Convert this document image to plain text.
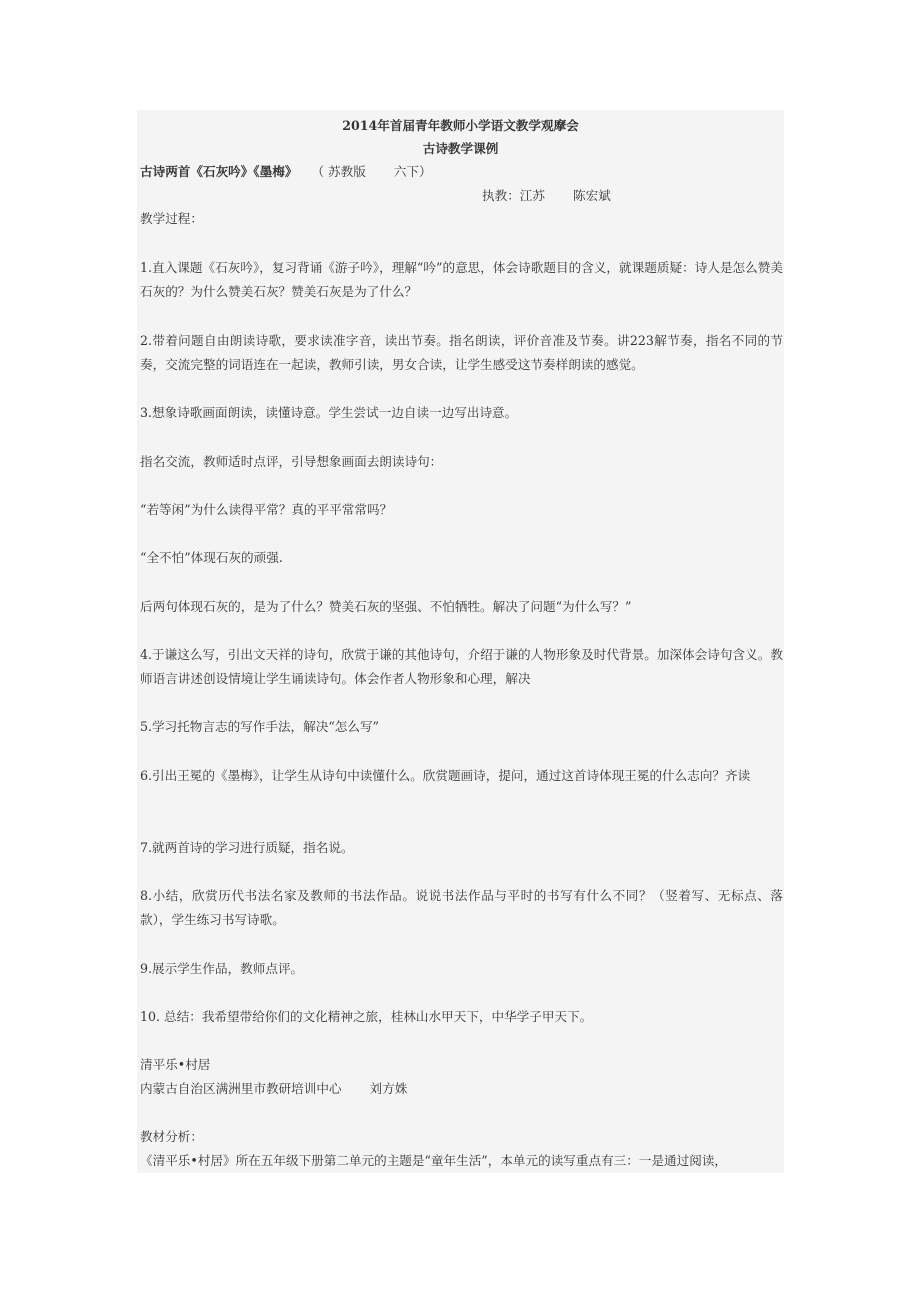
2014年首届青年教师小学语文教学观摩会
古诗教学课例
古诗两首《石灰吟》《墨梅》 （ 苏教版 六下）
执教：江苏 陈宏斌
教学过程：
1.直入课题《石灰吟》，复习背诵《游子吟》，理解“吟”的意思，体会诗歌题目的含义，就课题质疑：诗人是怎么赞美石灰的？为什么赞美石灰？赞美石灰是为了什么？
2.带着问题自由朗读诗歌，要求读准字音，读出节奏。指名朗读，评价音准及节奏。讲223解节奏，指名不同的节奏，交流完整的词语连在一起读，教师引读，男女合读，让学生感受这节奏样朗读的感觉。
3.想象诗歌画面朗读，读懂诗意。学生尝试一边自读一边写出诗意。
指名交流，教师适时点评，引导想象画面去朗读诗句：
“若等闲”为什么读得平常？真的平平常常吗？
“全不怕”体现石灰的顽强.
后两句体现石灰的，是为了什么？赞美石灰的坚强、不怕牺牲。解决了问题“为什么写？”
4.于谦这么写，引出文天祥的诗句，欣赏于谦的其他诗句，介绍于谦的人物形象及时代背景。加深体会诗句含义。教师语言讲述创设情境让学生诵读诗句。体会作者人物形象和心理，解决
5.学习托物言志的写作手法，解决“怎么写”
6.引出王冕的《墨梅》，让学生从诗句中读懂什么。欣赏题画诗，提问，通过这首诗体现王冕的什么志向？齐读
7.就两首诗的学习进行质疑，指名说。
8.小结，欣赏历代书法名家及教师的书法作品。说说书法作品与平时的书写有什么不同？（竖着写、无标点、落款），学生练习书写诗歌。
9.展示学生作品，教师点评。
10. 总结：我希望带给你们的文化精神之旅，桂林山水甲天下，中华学子甲天下。
清平乐•村居
内蒙古自治区满洲里市教研培训中心 刘方姝
教材分析：
《清平乐•村居》所在五年级下册第二单元的主题是“童年生活”，本单元的读写重点有三：一是通过阅读，
